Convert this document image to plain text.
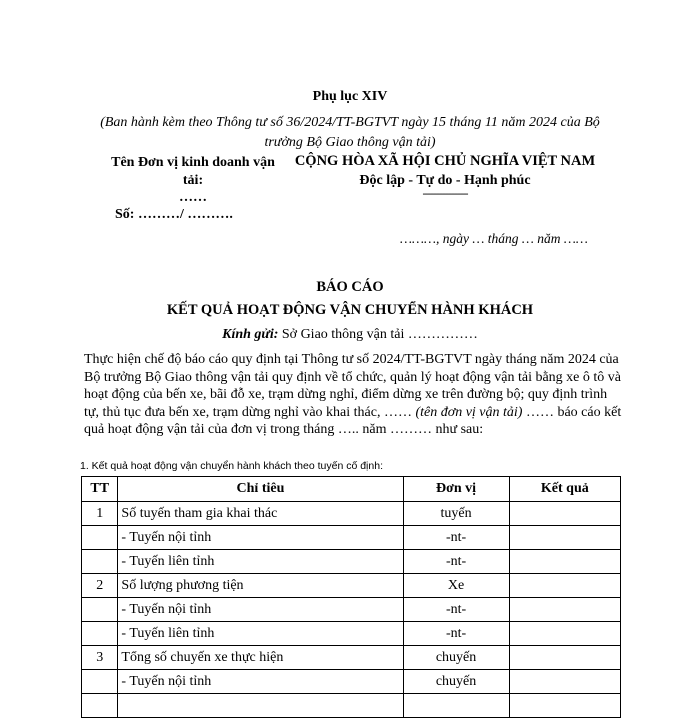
Phụ lục XIV
(Ban hành kèm theo Thông tư số 36/2024/TT-BGTVT ngày 15 tháng 11 năm 2024 của Bộ trưởng Bộ Giao thông vận tải)
Tên Đơn vị kinh doanh vận tải:
……
Số: ………/ ……….
CỘNG HÒA XÃ HỘI CHỦ NGHĨA VIỆT NAM
Độc lập - Tự do - Hạnh phúc
---------------
………, ngày … tháng … năm ……
BÁO CÁO
KẾT QUẢ HOẠT ĐỘNG VẬN CHUYỂN HÀNH KHÁCH
Kính gửi: Sở Giao thông vận tải ……………
Thực hiện chế độ báo cáo quy định tại Thông tư số 2024/TT-BGTVT ngày tháng năm 2024 của Bộ trưởng Bộ Giao thông vận tải quy định về tổ chức, quản lý hoạt động vận tải bằng xe ô tô và hoạt động của bến xe, bãi đỗ xe, trạm dừng nghỉ, điểm dừng xe trên đường bộ; quy định trình tự, thủ tục đưa bến xe, trạm dừng nghỉ vào khai thác, …… (tên đơn vị vận tải) …… báo cáo kết quả hoạt động vận tải của đơn vị trong tháng ….. năm ……… như sau:
1. Kết quả hoạt động vận chuyển hành khách theo tuyến cố định:
TT	Chỉ tiêu	Đơn vị	Kết quả
1	Số tuyến tham gia khai thác	tuyến	
	- Tuyến nội tỉnh	-nt-	
	- Tuyến liên tỉnh	-nt-	
2	Số lượng phương tiện	Xe	
	- Tuyến nội tỉnh	-nt-	
	- Tuyến liên tỉnh	-nt-	
3	Tổng số chuyến xe thực hiện	chuyến	
	- Tuyến nội tỉnh	chuyến	
